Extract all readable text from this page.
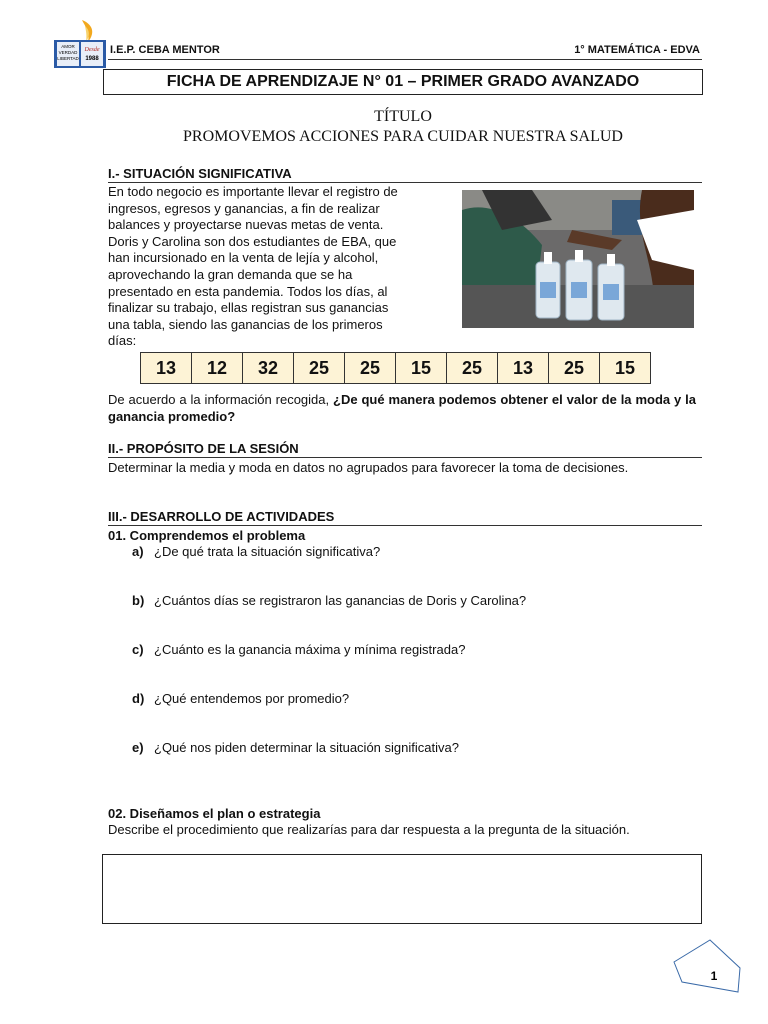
AMOR
VERDAD
LIBERTAD
Desde
1988
I.E.P. CEBA MENTOR	1° MATEMÁTICA - EDVA
FICHA DE APRENDIZAJE N° 01 – PRIMER GRADO AVANZADO
TÍTULO
PROMOVEMOS ACCIONES PARA CUIDAR NUESTRA SALUD
I.- SITUACIÓN SIGNIFICATIVA
En todo negocio es importante llevar el registro de
ingresos, egresos y ganancias, a fin de realizar
balances y proyectarse nuevas metas de venta.
Doris y Carolina son dos estudiantes de EBA, que
han incursionado en la venta de lejía y alcohol,
aprovechando la gran demanda que se ha
presentado en esta pandemia. Todos los días, al
finalizar su trabajo, ellas registran sus ganancias
una tabla, siendo las ganancias de los primeros
días:
13	12	32	25	25	15	25	13	25	15
De acuerdo a la información recogida, ¿De qué manera podemos obtener el valor de la moda y la ganancia promedio?
II.- PROPÓSITO DE LA SESIÓN
Determinar la media y moda en datos no agrupados para favorecer la toma de decisiones.
III.- DESARROLLO DE ACTIVIDADES
01. Comprendemos el problema
a) ¿De qué trata la situación significativa?
b) ¿Cuántos días se registraron las ganancias de Doris y Carolina?
c) ¿Cuánto es la ganancia máxima y mínima registrada?
d) ¿Qué entendemos por promedio?
e) ¿Qué nos piden determinar la situación significativa?
02. Diseñamos el plan o estrategia
Describe el procedimiento que realizarías para dar respuesta a la pregunta de la situación.
1
